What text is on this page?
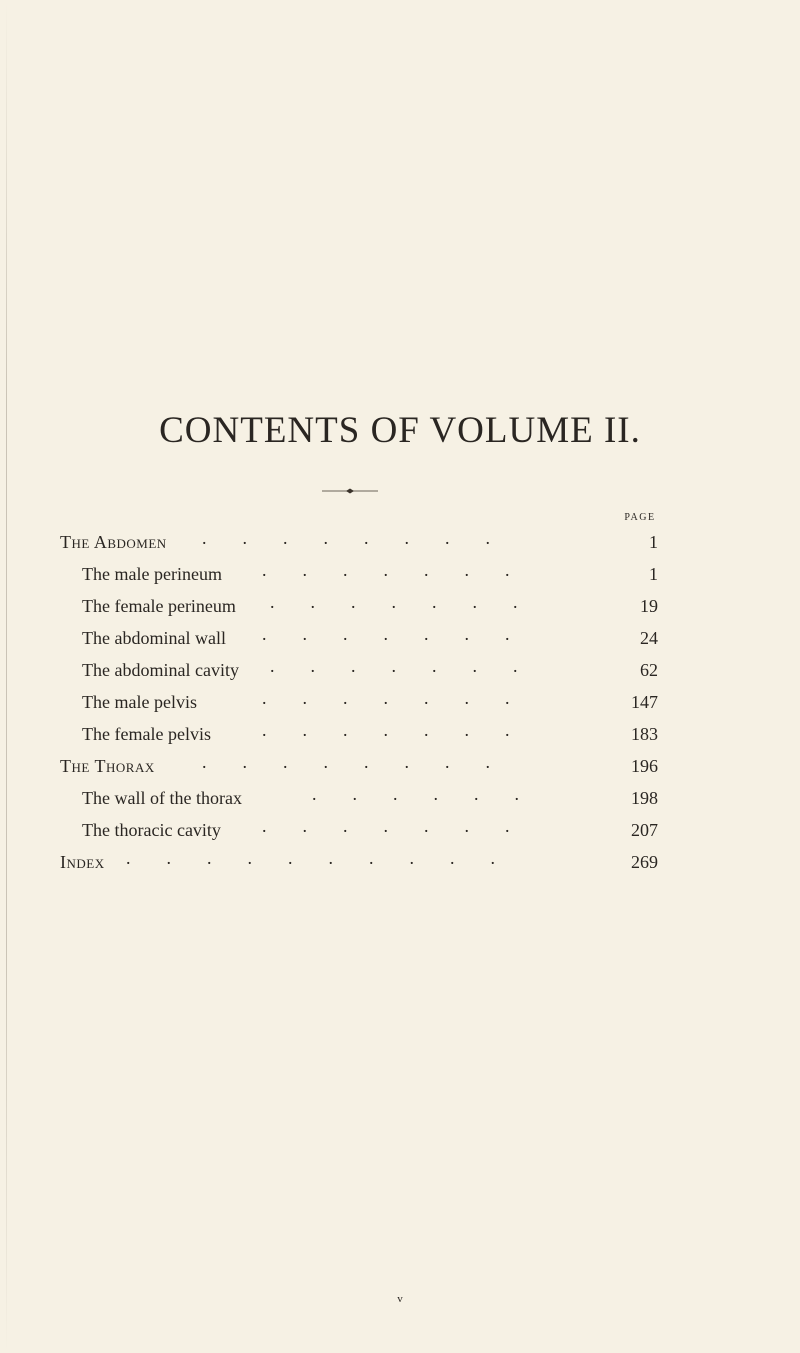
CONTENTS OF VOLUME II.
PAGE
The Abdomen .  .  .  .  .  .  .  .	1
The male perineum .  .  .  .  .  .  .	1
The female perineum .  .  .  .  .  .  .	19
The abdominal wall .  .  .  .  .  .  .	24
The abdominal cavity .  .  .  .  .  .  .	62
The male pelvis	.  .  .  .  .  .  .	147
The female pelvis	.  .  .  .  .  .  .	183
The Thorax	.  .  .  .  .  .  .  .	196
The wall of the thorax	.  .  .  .  .  .	198
The thoracic cavity .  .  .  .  .  .  .	207
Index .  .  .  .  .  .  .  .  .  .	269
v
